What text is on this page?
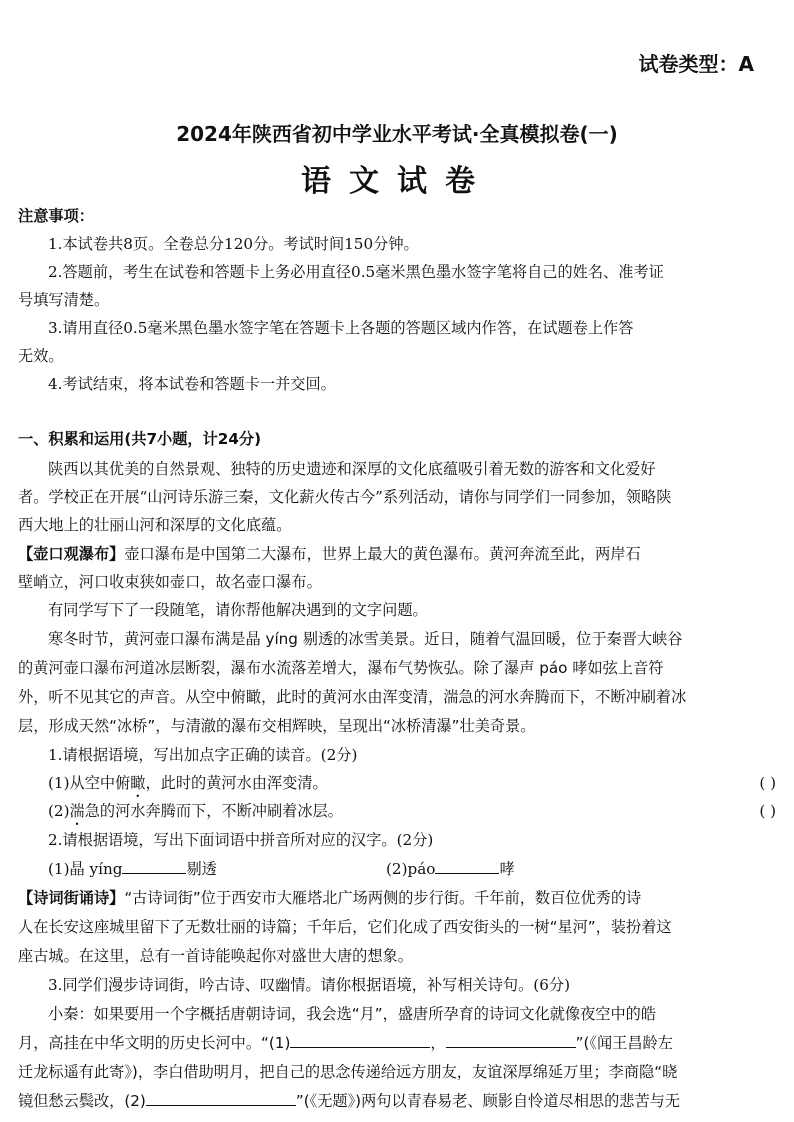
试卷类型：A
2024年陕西省初中学业水平考试·全真模拟卷(一)
语文试卷
注意事项：
1.本试卷共8页。全卷总分120分。考试时间150分钟。
2.答题前，考生在试卷和答题卡上务必用直径0.5毫米黑色墨水签字笔将自己的姓名、准考证
号填写清楚。
3.请用直径0.5毫米黑色墨水签字笔在答题卡上各题的答题区域内作答，在试题卷上作答
无效。
4.考试结束，将本试卷和答题卡一并交回。
一、积累和运用(共7小题，计24分)
陕西以其优美的自然景观、独特的历史遗迹和深厚的文化底蕴吸引着无数的游客和文化爱好
者。学校正在开展“山河诗乐游三秦，文化薪火传古今”系列活动，请你与同学们一同参加，领略陕
西大地上的壮丽山河和深厚的文化底蕴。
【壶口观瀑布】壶口瀑布是中国第二大瀑布，世界上最大的黄色瀑布。黄河奔流至此，两岸石
壁峭立，河口收束狭如壶口，故名壶口瀑布。
有同学写下了一段随笔，请你帮他解决遇到的文字问题。
寒冬时节，黄河壶口瀑布满是晶 yíng 剔透的冰雪美景。近日，随着气温回暖，位于秦晋大峡谷
的黄河壶口瀑布河道冰层断裂，瀑布水流落差增大，瀑布气势恢弘。除了瀑声 páo 哮如弦上音符
外，听不见其它的声音。从空中俯瞰，此时的黄河水由浑变清，湍急的河水奔腾而下，不断冲刷着冰
层，形成天然“冰桥”，与清澈的瀑布交相辉映，呈现出“冰桥清瀑”壮美奇景。
1.请根据语境，写出加点字正确的读音。(2分)
(1)从空中俯瞰，此时的黄河水由浑变清。	( )
(2)湍急的河水奔腾而下，不断冲刷着冰层。	( )
2.请根据语境，写出下面词语中拼音所对应的汉字。(2分)
(1)晶 yíng	剔透	(2)páo	哮
【诗词街诵诗】“古诗词街”位于西安市大雁塔北广场两侧的步行街。千年前，数百位优秀的诗
人在长安这座城里留下了无数壮丽的诗篇；千年后，它们化成了西安街头的一树“星河”，装扮着这
座古城。在这里，总有一首诗能唤起你对盛世大唐的想象。
3.同学们漫步诗词街，吟古诗、叹幽情。请你根据语境，补写相关诗句。(6分)
小秦：如果要用一个字概括唐朝诗词，我会选“月”，盛唐所孕育的诗词文化就像夜空中的皓
月，高挂在中华文明的历史长河中。“(1)	，	”(《闻王昌龄左
迁龙标遥有此寄》)，李白借助明月，把自己的思念传递给远方朋友，友谊深厚绵延万里；李商隐“晓
镜但愁云鬓改，(2)	”(《无题》)两句以青春易老、顾影自怜道尽相思的悲苦与无
